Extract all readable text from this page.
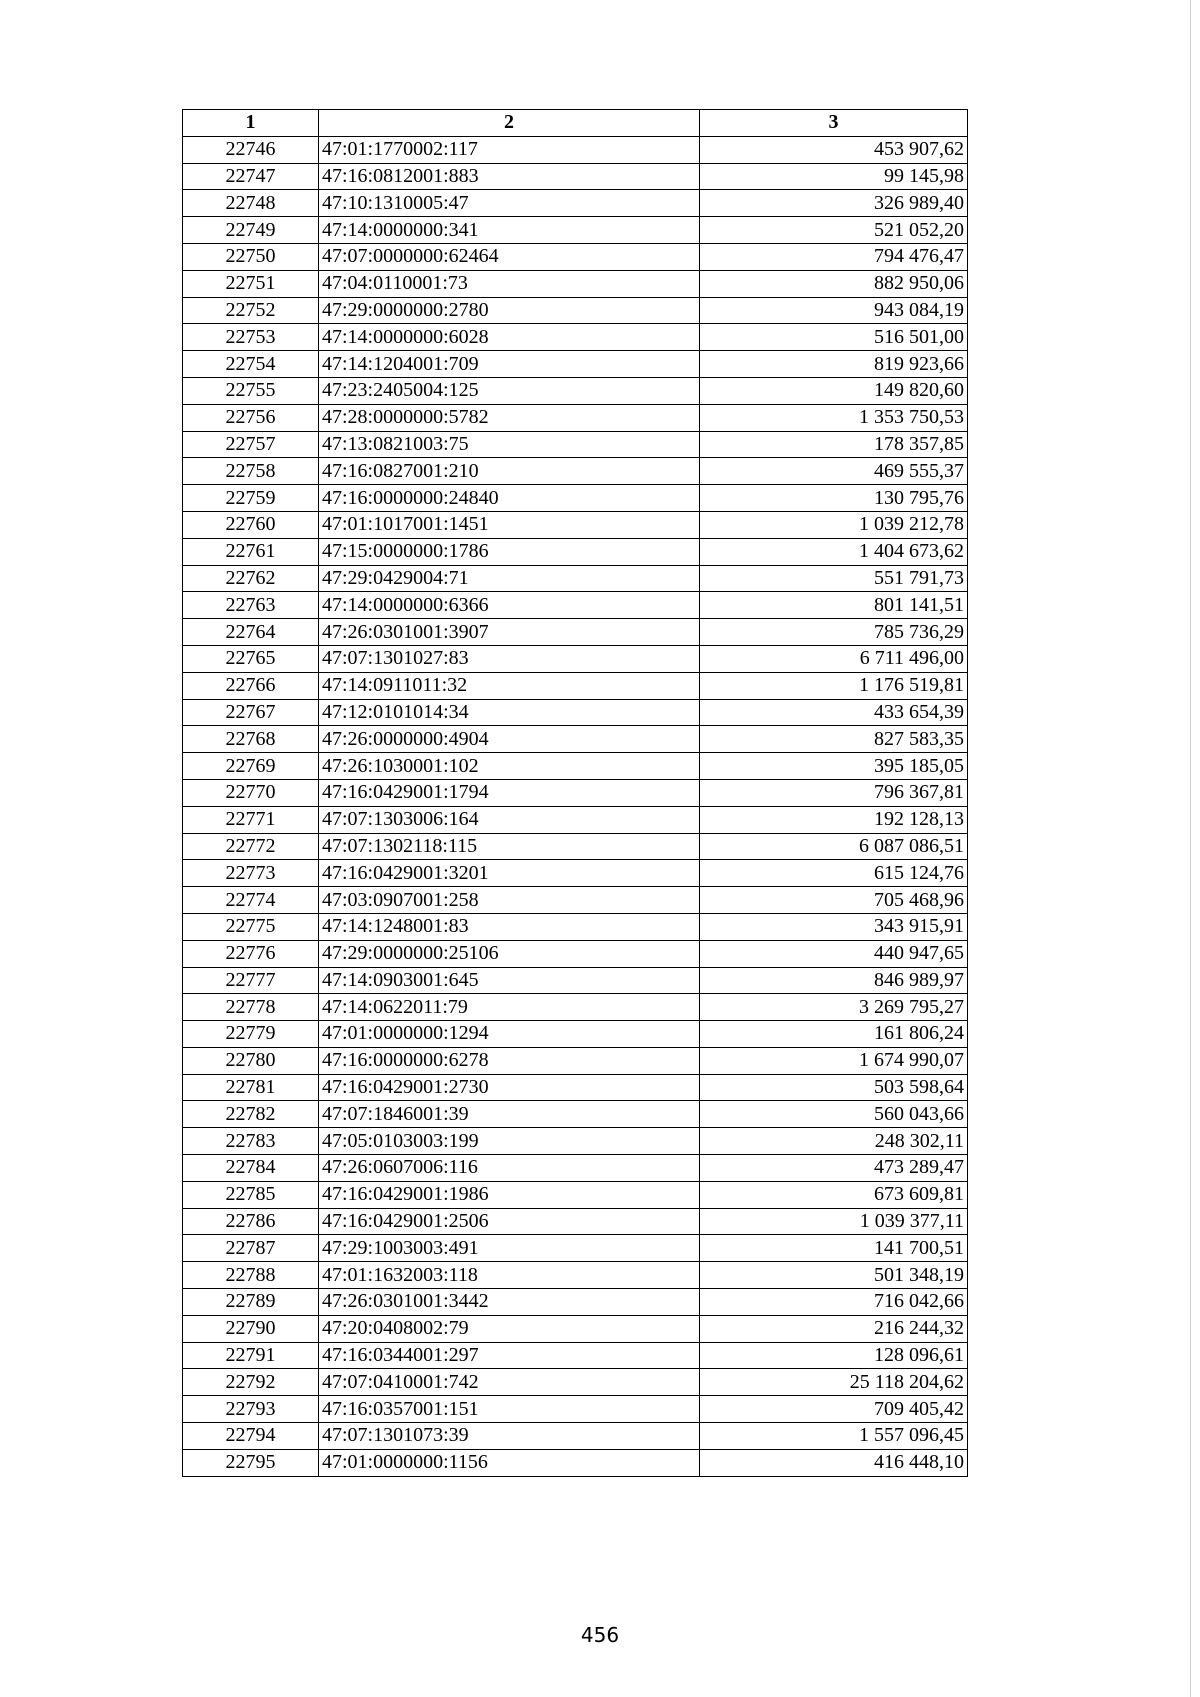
1	2	3
22746	47:01:1770002:117	453 907,62
22747	47:16:0812001:883	99 145,98
22748	47:10:1310005:47	326 989,40
22749	47:14:0000000:341	521 052,20
22750	47:07:0000000:62464	794 476,47
22751	47:04:0110001:73	882 950,06
22752	47:29:0000000:2780	943 084,19
22753	47:14:0000000:6028	516 501,00
22754	47:14:1204001:709	819 923,66
22755	47:23:2405004:125	149 820,60
22756	47:28:0000000:5782	1 353 750,53
22757	47:13:0821003:75	178 357,85
22758	47:16:0827001:210	469 555,37
22759	47:16:0000000:24840	130 795,76
22760	47:01:1017001:1451	1 039 212,78
22761	47:15:0000000:1786	1 404 673,62
22762	47:29:0429004:71	551 791,73
22763	47:14:0000000:6366	801 141,51
22764	47:26:0301001:3907	785 736,29
22765	47:07:1301027:83	6 711 496,00
22766	47:14:0911011:32	1 176 519,81
22767	47:12:0101014:34	433 654,39
22768	47:26:0000000:4904	827 583,35
22769	47:26:1030001:102	395 185,05
22770	47:16:0429001:1794	796 367,81
22771	47:07:1303006:164	192 128,13
22772	47:07:1302118:115	6 087 086,51
22773	47:16:0429001:3201	615 124,76
22774	47:03:0907001:258	705 468,96
22775	47:14:1248001:83	343 915,91
22776	47:29:0000000:25106	440 947,65
22777	47:14:0903001:645	846 989,97
22778	47:14:0622011:79	3 269 795,27
22779	47:01:0000000:1294	161 806,24
22780	47:16:0000000:6278	1 674 990,07
22781	47:16:0429001:2730	503 598,64
22782	47:07:1846001:39	560 043,66
22783	47:05:0103003:199	248 302,11
22784	47:26:0607006:116	473 289,47
22785	47:16:0429001:1986	673 609,81
22786	47:16:0429001:2506	1 039 377,11
22787	47:29:1003003:491	141 700,51
22788	47:01:1632003:118	501 348,19
22789	47:26:0301001:3442	716 042,66
22790	47:20:0408002:79	216 244,32
22791	47:16:0344001:297	128 096,61
22792	47:07:0410001:742	25 118 204,62
22793	47:16:0357001:151	709 405,42
22794	47:07:1301073:39	1 557 096,45
22795	47:01:0000000:1156	416 448,10
456
